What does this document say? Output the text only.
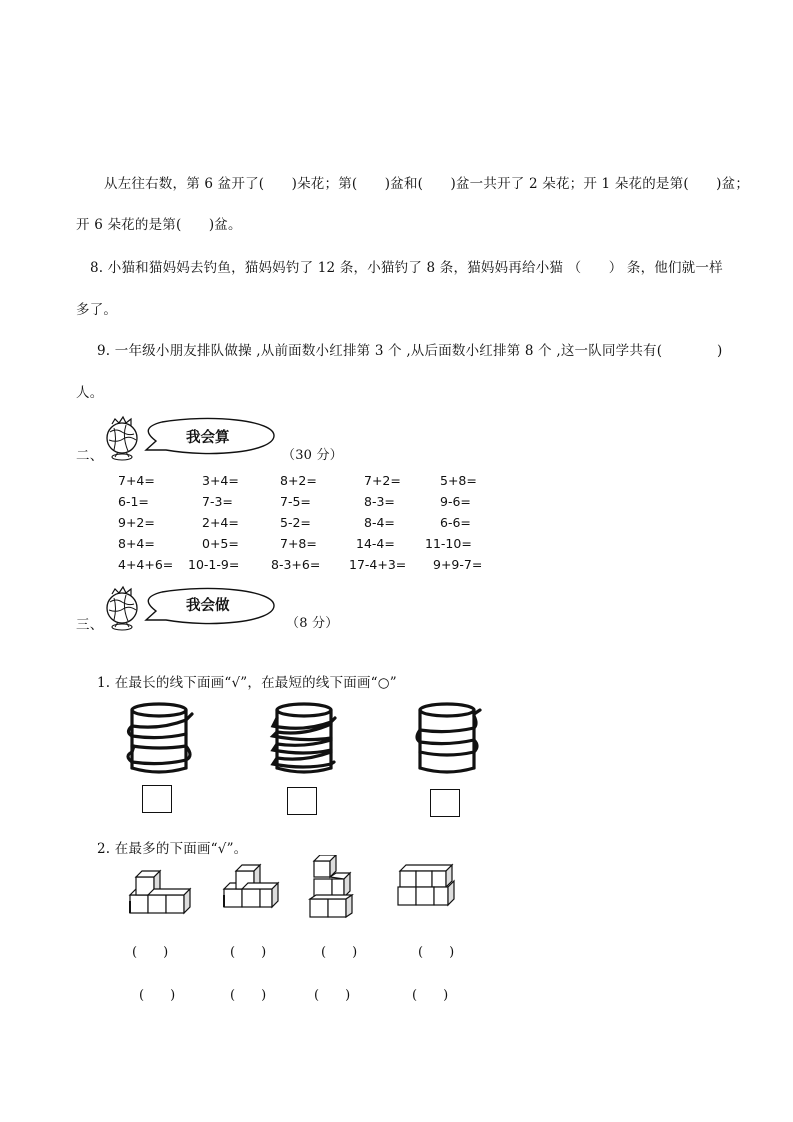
从左往右数，第 6 盆开了(　　)朵花；第(　　)盆和(　　)盆一共开了 2 朵花；开 1 朵花的是第(　　)盆；
开 6 朵花的是第(　　)盆。
8. 小猫和猫妈妈去钓鱼，猫妈妈钓了 12 条，小猫钓了 8 条，猫妈妈再给小猫 （　　） 条，他们就一样
多了。
9. 一年级小朋友排队做操 ,从前面数小红排第 3 个 ,从后面数小红排第 8 个 ,这一队同学共有(　　　　)
人。
二、
我会算
（30 分）
7+4=	3+4=	8+2=	7+2=	5+8=
6-1=	7-3=	7-5=	8-3=	9-6=
9+2=	2+4=	5-2=	8-4=	6-6=
8+4=	0+5=	7+8=	14-4= 11-10=
4+4+6= 10-1-9=	8-3+6= 17-4+3= 9+9-7=
三、
我会做
（8 分）
1. 在最长的线下面画“√”，在最短的线下面画“○”
2. 在最多的下面画“√”。
(　　)	(　　)	(　　)	(　　)
(　　)	(　　)	(　　)	(　　)
